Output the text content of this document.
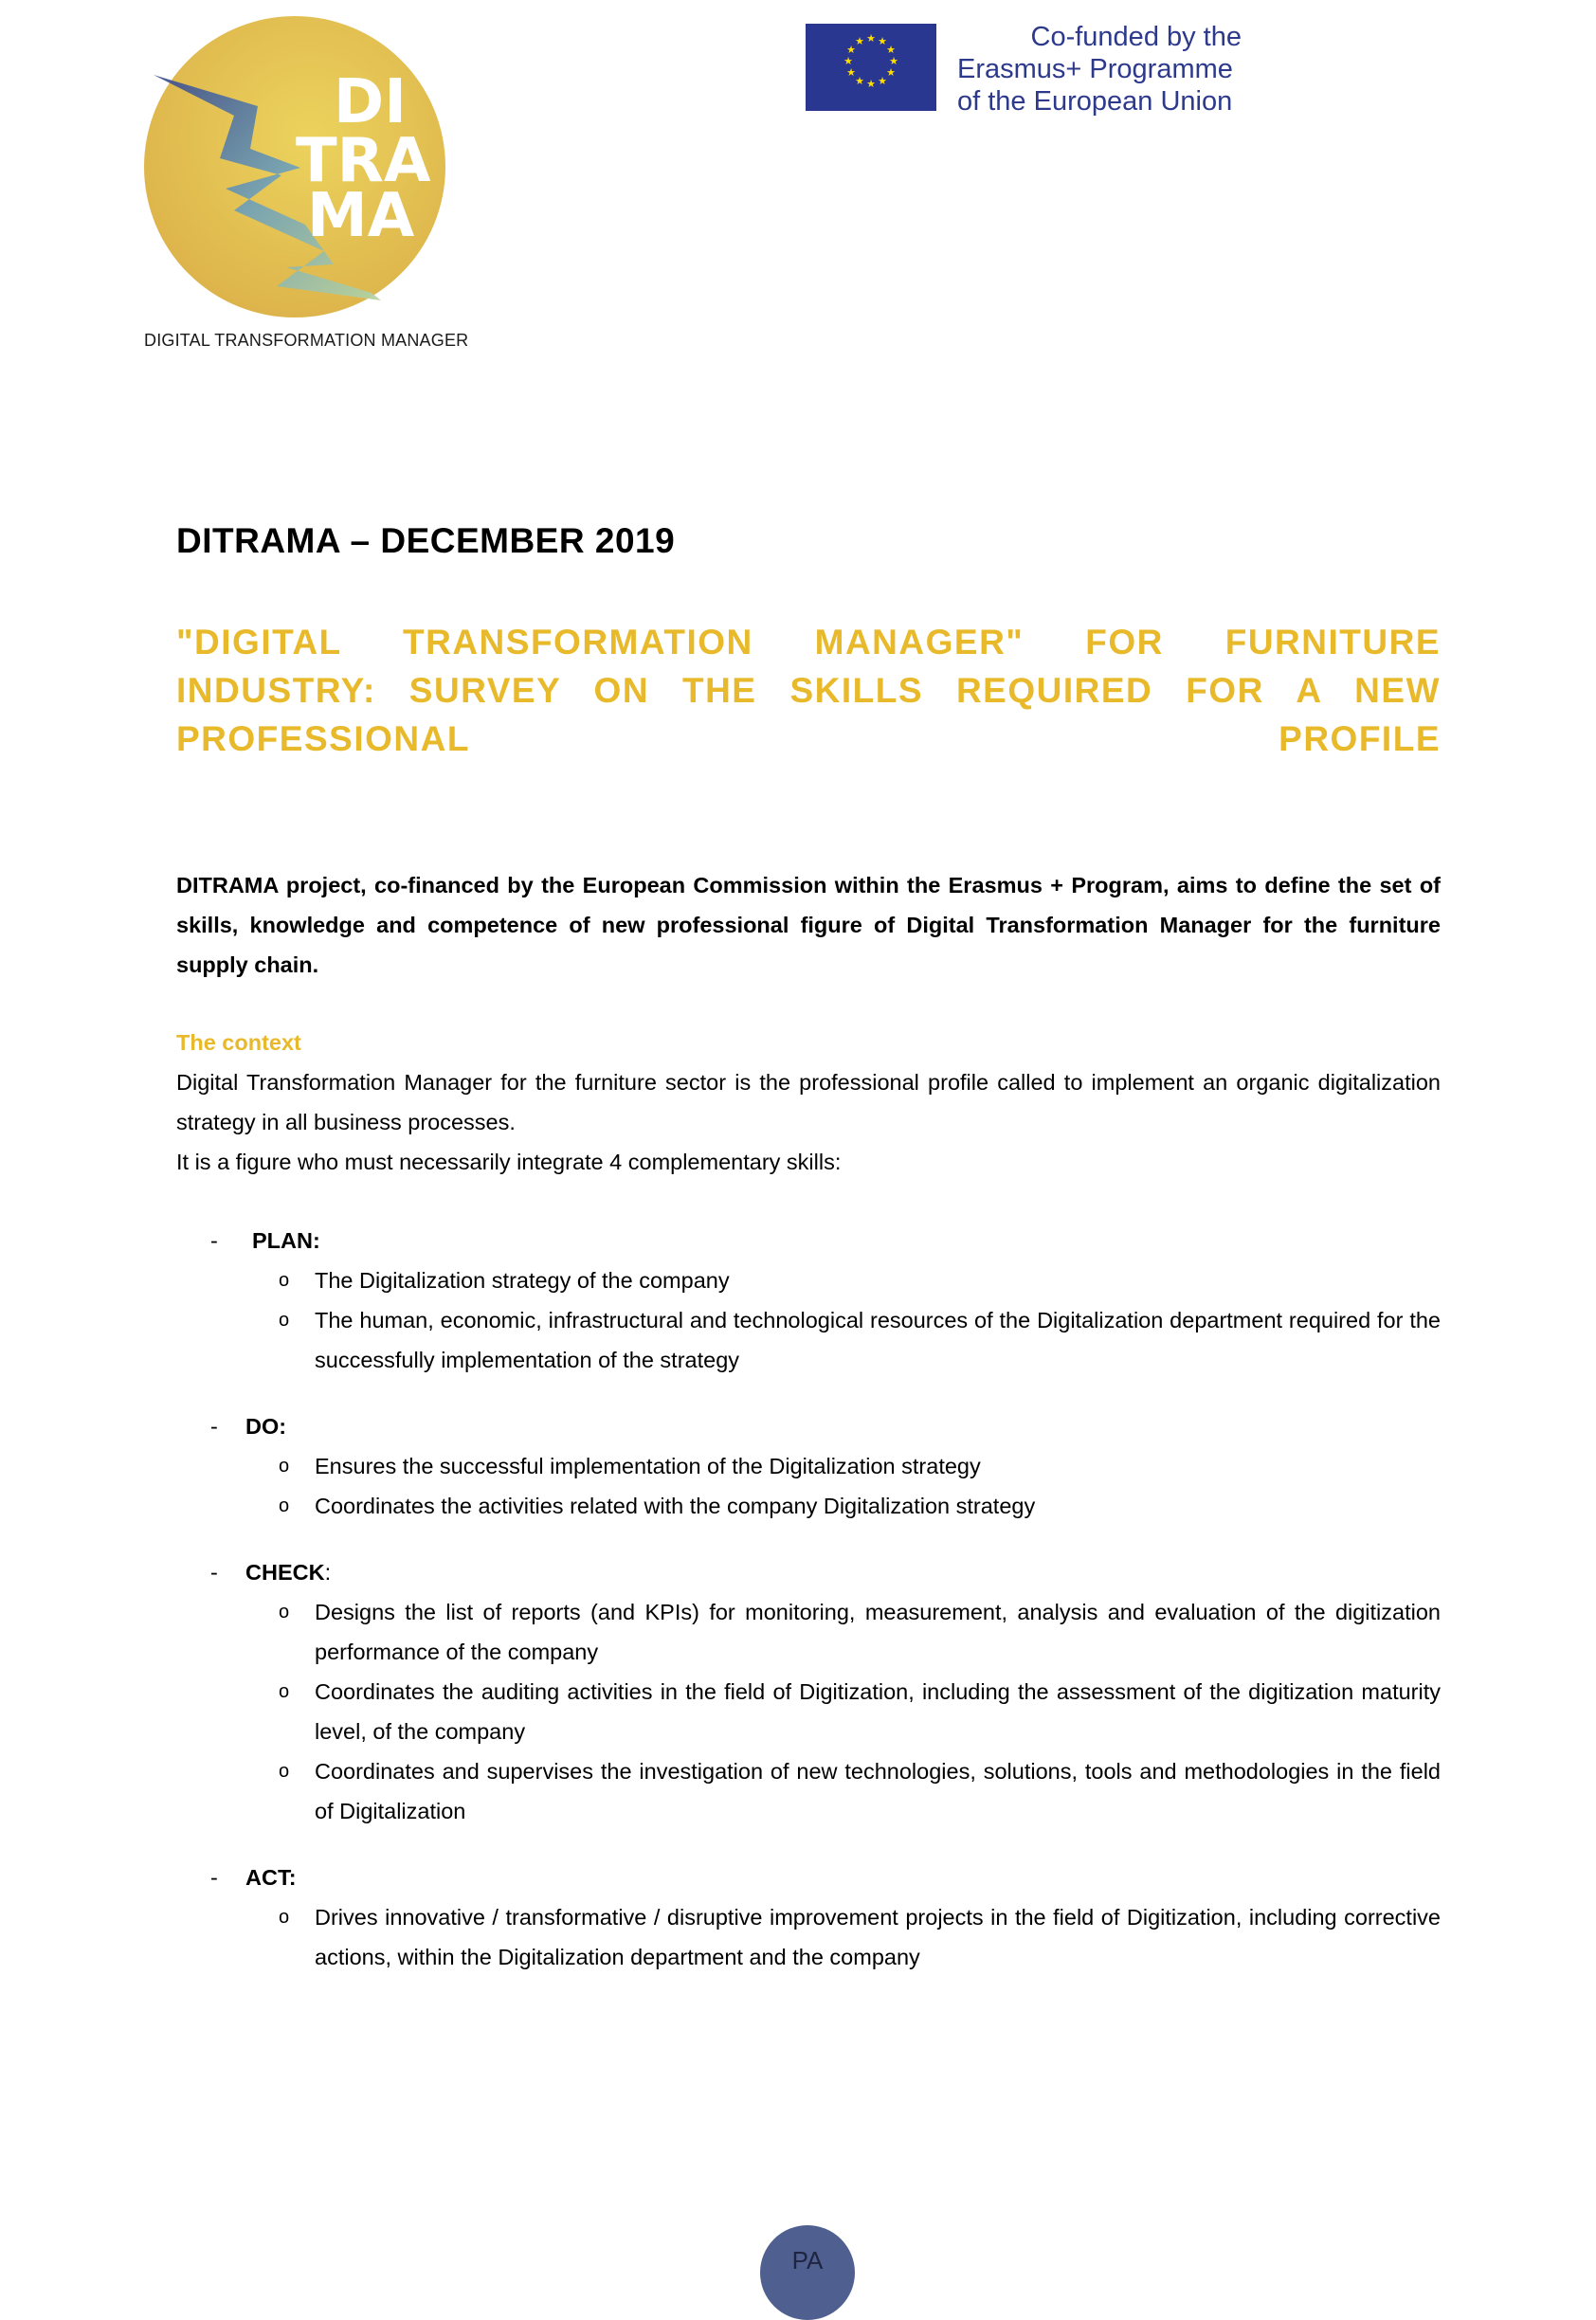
DI
TRA
MA
DIGITAL TRANSFORMATION MANAGER
★ ★
★
★
★
★
★
★
★
★
★
★	Co-funded by the
Erasmus+ Programme
of the European Union
DITRAMA – DECEMBER 2019
"DIGITAL TRANSFORMATION MANAGER" FOR FURNITURE INDUSTRY: SURVEY ON THE SKILLS REQUIRED FOR A NEW PROFESSIONAL PROFILE

DITRAMA project, co-financed by the European Commission within the Erasmus + Program, aims to define the set of skills, knowledge and competence of new professional figure of Digital Transformation Manager for the furniture supply chain.

The context

Digital Transformation Manager for the furniture sector is the professional profile called to implement an organic digitalization strategy in all business processes.

It is a figure who must necessarily integrate 4 complementary skills:

- PLAN:
o The Digitalization strategy of the company
o The human, economic, infrastructural and technological resources of the Digitalization department required for the successfully implementation of the strategy
- DO:
o Ensures the successful implementation of the Digitalization strategy
o Coordinates the activities related with the company Digitalization strategy
- CHECK:
o Designs the list of reports (and KPIs) for monitoring, measurement, analysis and evaluation of the digitization performance of the company
o Coordinates the auditing activities in the field of Digitization, including the assessment of the digitization maturity level, of the company
o Coordinates and supervises the investigation of new technologies, solutions, tools and methodologies in the field of Digitalization
- ACT:
o Drives innovative / transformative / disruptive improvement projects in the field of Digitization, including corrective actions, within the Digitalization department and the company
PA
